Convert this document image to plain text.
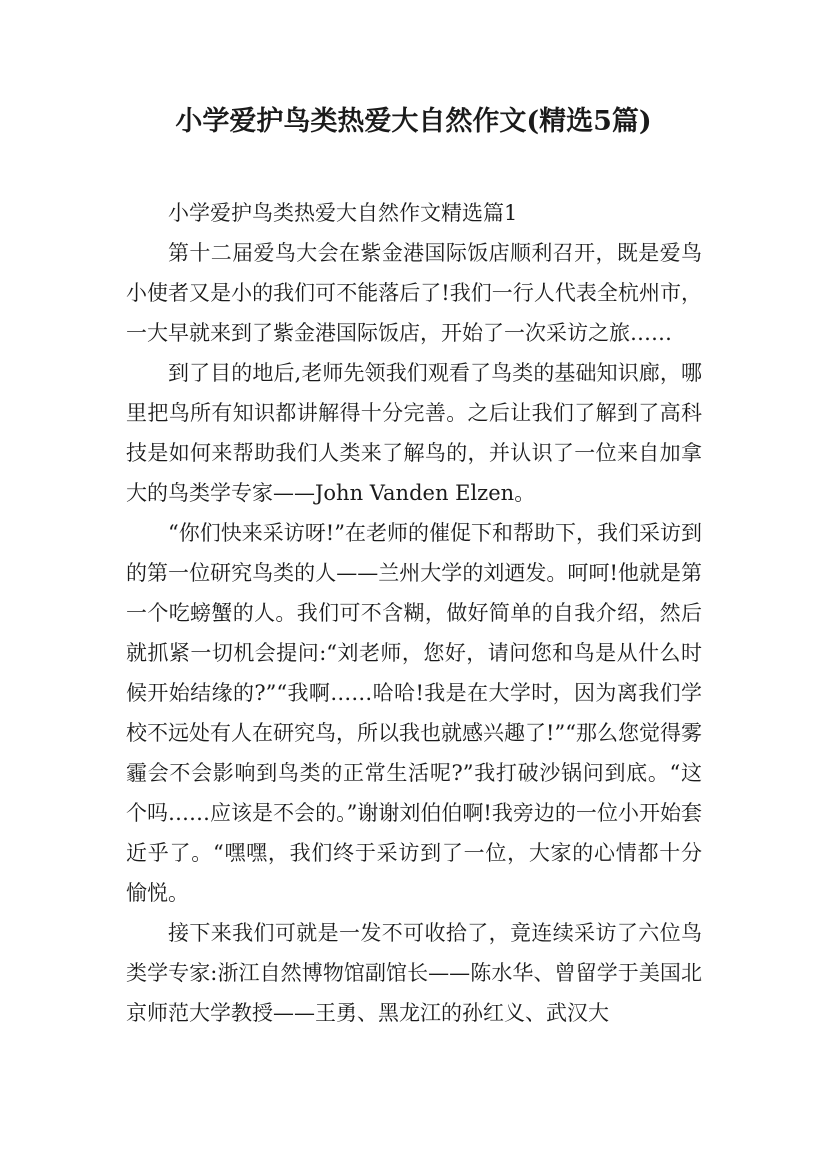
小学爱护鸟类热爱大自然作文(精选5篇)

小学爱护鸟类热爱大自然作文精选篇1

第十二届爱鸟大会在紫金港国际饭店顺利召开，既是爱鸟小使者又是小的我们可不能落后了!我们一行人代表全杭州市，一大早就来到了紫金港国际饭店，开始了一次采访之旅……

到了目的地后,老师先领我们观看了鸟类的基础知识廊，哪里把鸟所有知识都讲解得十分完善。之后让我们了解到了高科技是如何来帮助我们人类来了解鸟的，并认识了一位来自加拿大的鸟类学专家——John Vanden Elzen。

“你们快来采访呀!”在老师的催促下和帮助下，我们采访到的第一位研究鸟类的人——兰州大学的刘迺发。呵呵!他就是第一个吃螃蟹的人。我们可不含糊，做好简单的自我介绍，然后就抓紧一切机会提问:“刘老师，您好，请问您和鸟是从什么时候开始结缘的?”“我啊……哈哈!我是在大学时，因为离我们学校不远处有人在研究鸟，所以我也就感兴趣了!”“那么您觉得雾霾会不会影响到鸟类的正常生活呢?”我打破沙锅问到底。“这个吗……应该是不会的。”谢谢刘伯伯啊!我旁边的一位小开始套近乎了。“嘿嘿，我们终于采访到了一位，大家的心情都十分愉悦。

接下来我们可就是一发不可收拾了，竟连续采访了六位鸟类学专家:浙江自然博物馆副馆长——陈水华、曾留学于美国北京师范大学教授——王勇、黑龙江的孙红义、武汉大
